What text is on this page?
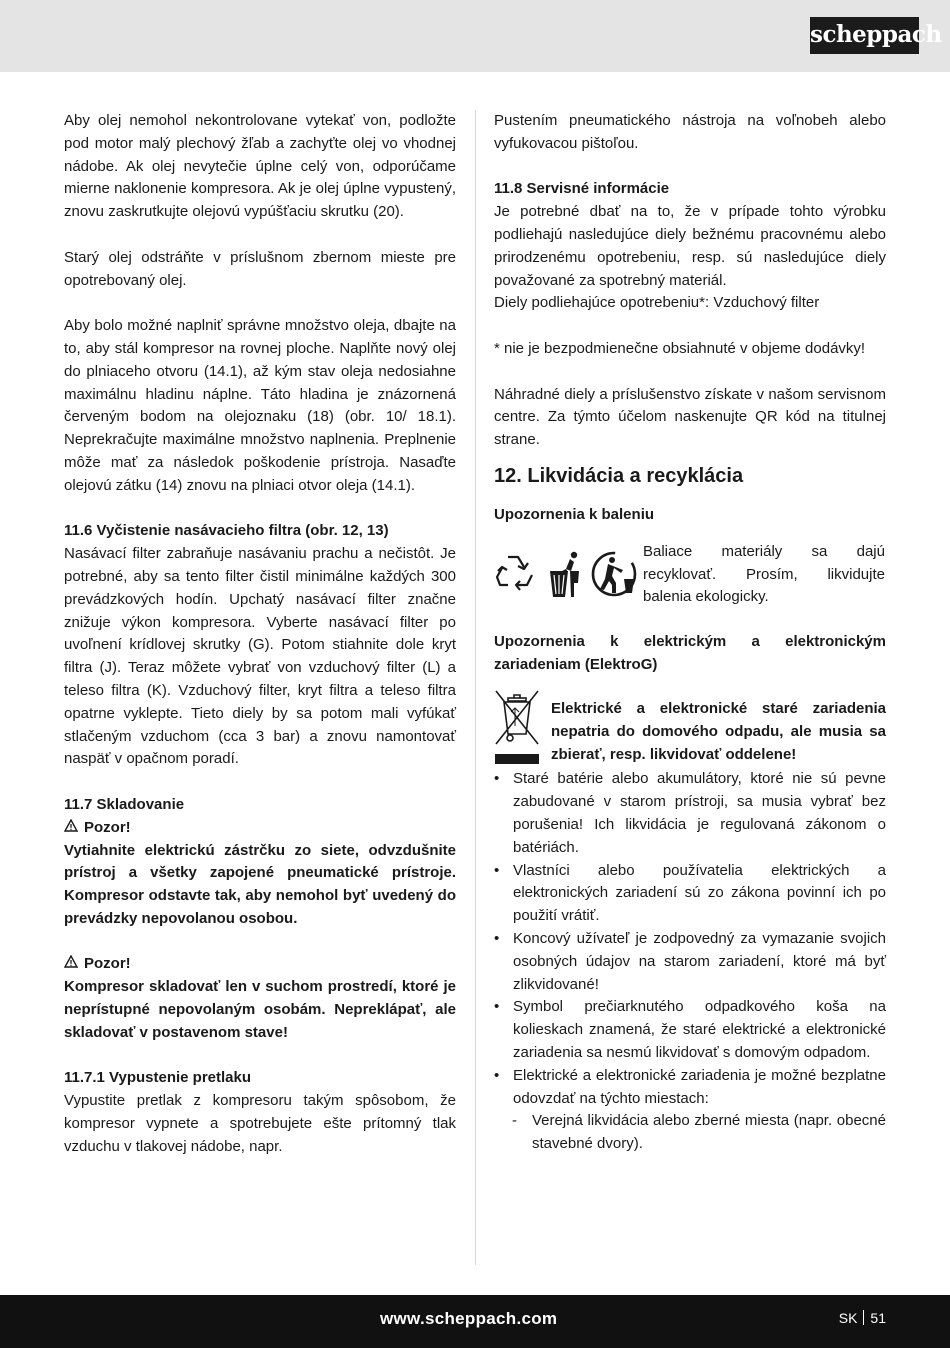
scheppach

Aby olej nemohol nekontrolovane vytekať von, podložte pod motor malý plechový žľab a zachyťte olej vo vhodnej nádobe. Ak olej nevytečie úplne celý von, odporúčame mierne naklonenie kompresora. Ak je olej úplne vypustený, znovu zaskrutkujte olejovú vypúšťaciu skrutku (20).

Starý olej odstráňte v príslušnom zbernom mieste pre opotrebovaný olej.

Aby bolo možné naplniť správne množstvo oleja, dbajte na to, aby stál kompresor na rovnej ploche. Naplňte nový olej do plniaceho otvoru (14.1), až kým stav oleja nedosiahne maximálnu hladinu náplne. Táto hladina je znázornená červeným bodom na olejoznaku (18) (obr. 10/ 18.1). Neprekračujte maximálne množstvo naplnenia. Preplnenie môže mať za následok poškodenie prístroja. Nasaďte olejovú zátku (14) znovu na plniaci otvor oleja (14.1).

11.6 Vyčistenie nasávacieho filtra (obr. 12, 13)

Nasávací filter zabraňuje nasávaniu prachu a nečistôt. Je potrebné, aby sa tento filter čistil minimálne každých 300 prevádzkových hodín. Upchatý nasávací filter značne znižuje výkon kompresora. Vyberte nasávací filter po uvoľnení krídlovej skrutky (G). Potom stiahnite dole kryt filtra (J). Teraz môžete vybrať von vzduchový filter (L) a teleso filtra (K). Vzduchový filter, kryt filtra a teleso filtra opatrne vyklepte. Tieto diely by sa potom mali vyfúkať stlačeným vzduchom (cca 3 bar) a znovu namontovať naspäť v opačnom poradí.

11.7 Skladovanie

Pozor!

Vytiahnite elektrickú zástrčku zo siete, odvzdušnite prístroj a všetky zapojené pneumatické prístroje. Kompresor odstavte tak, aby nemohol byť uvedený do prevádzky nepovolanou osobou.

Pozor!

Kompresor skladovať len v suchom prostredí, ktoré je neprístupné nepovolaným osobám. Nepreklápať, ale skladovať v postavenom stave!

11.7.1 Vypustenie pretlaku

Vypustite pretlak z kompresoru takým spôsobom, že kompresor vypnete a spotrebujete ešte prítomný tlak vzduchu v tlakovej nádobe, napr.

Pustením pneumatického nástroja na voľnobeh alebo vyfukovacou pištoľou.

11.8 Servisné informácie

Je potrebné dbať na to, že v prípade tohto výrobku podliehajú nasledujúce diely bežnému pracovnému alebo prirodzenému opotrebeniu, resp. sú nasledujúce diely považované za spotrebný materiál.

Diely podliehajúce opotrebeniu*: Vzduchový filter

* nie je bezpodmienečne obsiahnuté v objeme dodávky!

Náhradné diely a príslušenstvo získate v našom servisnom centre. Za týmto účelom naskenujte QR kód na titulnej strane.

12. Likvidácia a recyklácia

Upozornenia k baleniu

Baliace materiály sa dajú recyklovať. Prosím, likvidujte balenia ekologicky.

Upozornenia k elektrickým a elektronickým zariadeniam (ElektroG)

Elektrické a elektronické staré zariadenia nepatria do domového odpadu, ale musia sa zbierať, resp. likvidovať oddelene!

• Staré batérie alebo akumulátory, ktoré nie sú pevne zabudované v starom prístroji, sa musia vybrať bez porušenia! Ich likvidácia je regulovaná zákonom o batériách.
• Vlastníci alebo používatelia elektrických a elektronických zariadení sú zo zákona povinní ich po použití vrátiť.
• Koncový užívateľ je zodpovedný za vymazanie svojich osobných údajov na starom zariadení, ktoré má byť zlikvidované!
• Symbol prečiarknutého odpadkového koša na kolieskach znamená, že staré elektrické a elektronické zariadenia sa nesmú likvidovať s domovým odpadom.
• Elektrické a elektronické zariadenia je možné bezplatne odovzdať na týchto miestach:
- Verejná likvidácia alebo zberné miesta (napr. obecné stavebné dvory).
www.scheppach.com	SK 51
